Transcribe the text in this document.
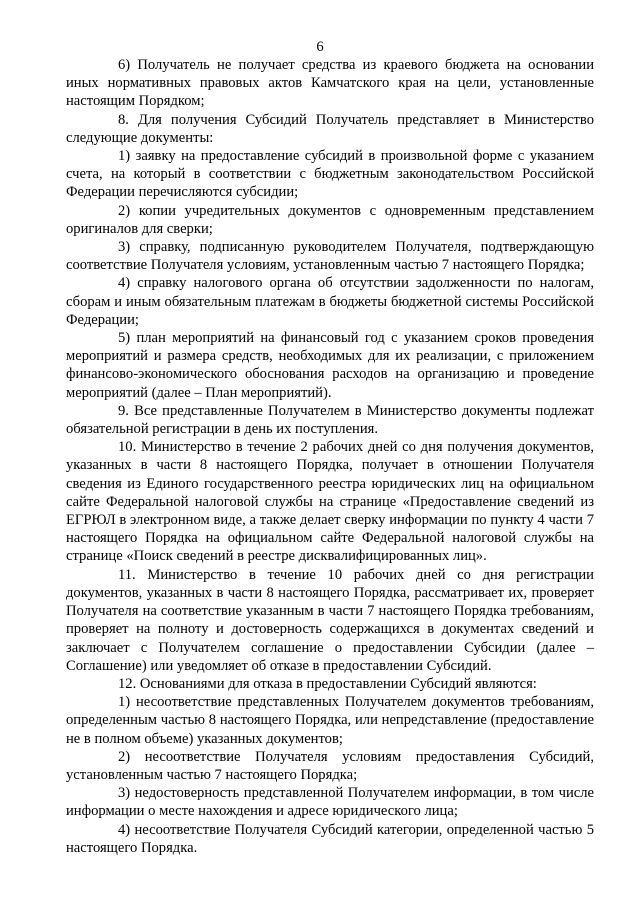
6

6) Получатель не получает средства из краевого бюджета на основании иных нормативных правовых актов Камчатского края на цели, установленные настоящим Порядком;

8. Для получения Субсидий Получатель представляет в Министерство следующие документы:

1) заявку на предоставление субсидий в произвольной форме с указанием счета, на который в соответствии с бюджетным законодательством Российской Федерации перечисляются субсидии;

2) копии учредительных документов с одновременным представлением оригиналов для сверки;

3) справку, подписанную руководителем Получателя, подтверждающую соответствие Получателя условиям, установленным частью 7 настоящего Порядка;

4) справку налогового органа об отсутствии задолженности по налогам, сборам и иным обязательным платежам в бюджеты бюджетной системы Российской Федерации;

5) план мероприятий на финансовый год с указанием сроков проведения мероприятий и размера средств, необходимых для их реализации, с приложением финансово-экономического обоснования расходов на организацию и проведение мероприятий (далее – План мероприятий).

9. Все представленные Получателем в Министерство документы подлежат обязательной регистрации в день их поступления.

10. Министерство в течение 2 рабочих дней со дня получения документов, указанных в части 8 настоящего Порядка, получает в отношении Получателя сведения из Единого государственного реестра юридических лиц на официальном сайте Федеральной налоговой службы на странице «Предоставление сведений из ЕГРЮЛ в электронном виде, а также делает сверку информации по пункту 4 части 7 настоящего Порядка на официальном сайте Федеральной налоговой службы на странице «Поиск сведений в реестре дисквалифицированных лиц».

11. Министерство в течение 10 рабочих дней со дня регистрации документов, указанных в части 8 настоящего Порядка, рассматривает их, проверяет Получателя на соответствие указанным в части 7 настоящего Порядка требованиям, проверяет на полноту и достоверность содержащихся в документах сведений и заключает с Получателем соглашение о предоставлении Субсидии (далее – Соглашение) или уведомляет об отказе в предоставлении Субсидий.

12. Основаниями для отказа в предоставлении Субсидий являются:

1) несоответствие представленных Получателем документов требованиям, определенным частью 8 настоящего Порядка, или непредставление (предоставление не в полном объеме) указанных документов;

2) несоответствие Получателя условиям предоставления Субсидий, установленным частью 7 настоящего Порядка;

3) недостоверность представленной Получателем информации, в том числе информации о месте нахождения и адресе юридического лица;

4) несоответствие Получателя Субсидий категории, определенной частью 5 настоящего Порядка.
